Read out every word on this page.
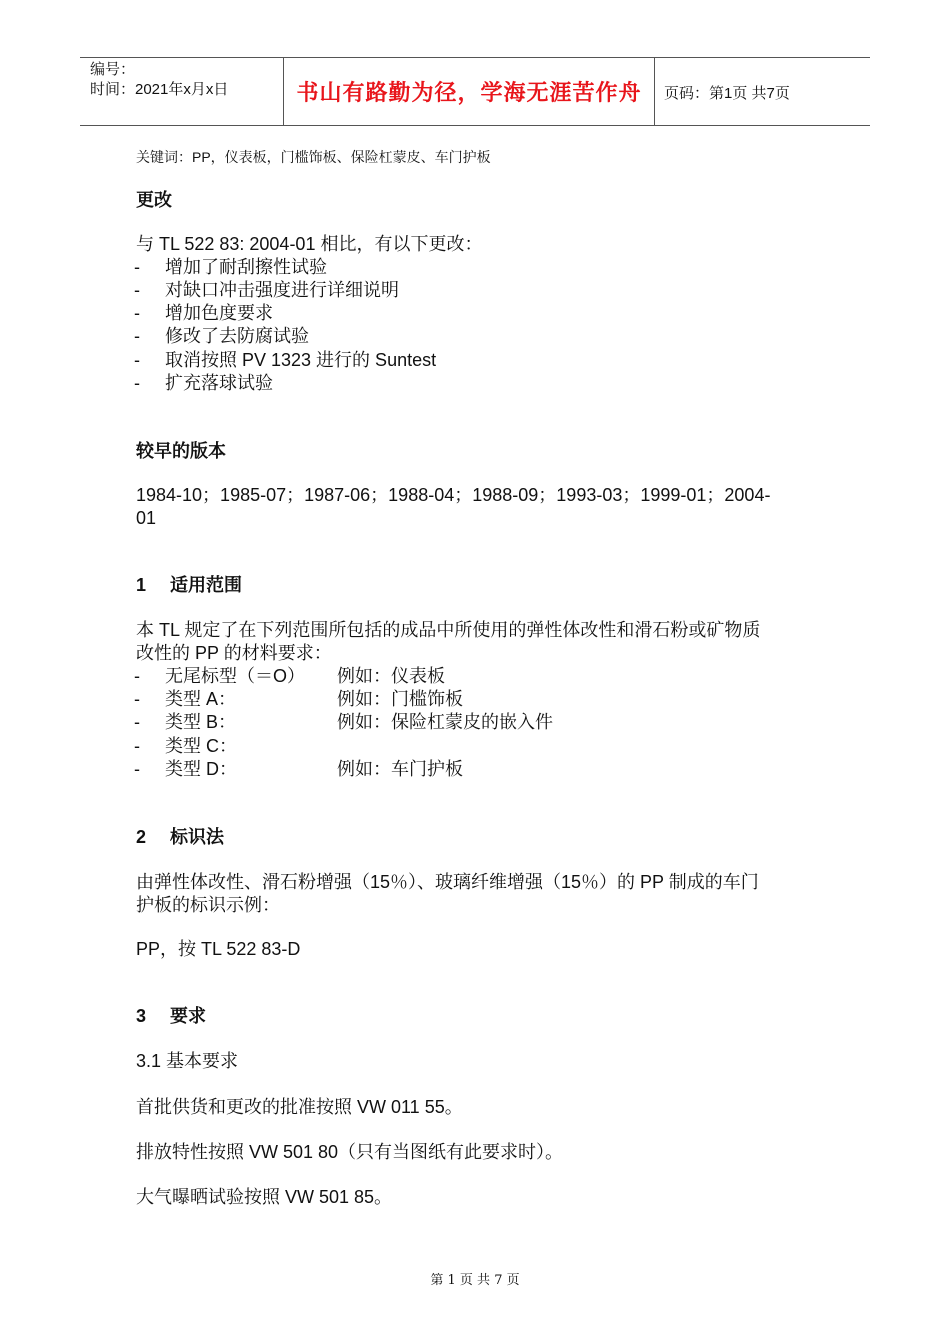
编号：
时间：2021年x月x日	书山有路勤为径，学海无涯苦作舟	页码：第1页 共7页
关键词：PP，仪表板，门槛饰板、保险杠蒙皮、车门护板
更改
与 TL 522 83: 2004-01 相比，有以下更改：
- 增加了耐刮擦性试验
- 对缺口冲击强度进行详细说明
- 增加色度要求
- 修改了去防腐试验
- 取消按照 PV 1323 进行的 Suntest
- 扩充落球试验
较早的版本
1984-10；1985-07；1987-06；1988-04；1988-09；1993-03；1999-01；2004-
01
1 适用范围
本 TL 规定了在下列范围所包括的成品中所使用的弹性体改性和滑石粉或矿物质
改性的 PP 的材料要求：
- 无尾标型（＝O） 例如：仪表板
- 类型 A：	例如：门槛饰板
- 类型 B：	例如：保险杠蒙皮的嵌入件
- 类型 C：
- 类型 D：	例如：车门护板
2 标识法
由弹性体改性、滑石粉增强（15％）、玻璃纤维增强（15％）的 PP 制成的车门
护板的标识示例：
PP，按 TL 522 83-D
3 要求
3.1 基本要求
首批供货和更改的批准按照 VW 011 55。
排放特性按照 VW 501 80（只有当图纸有此要求时）。
大气曝晒试验按照 VW 501 85。
第 1 页 共 7 页
